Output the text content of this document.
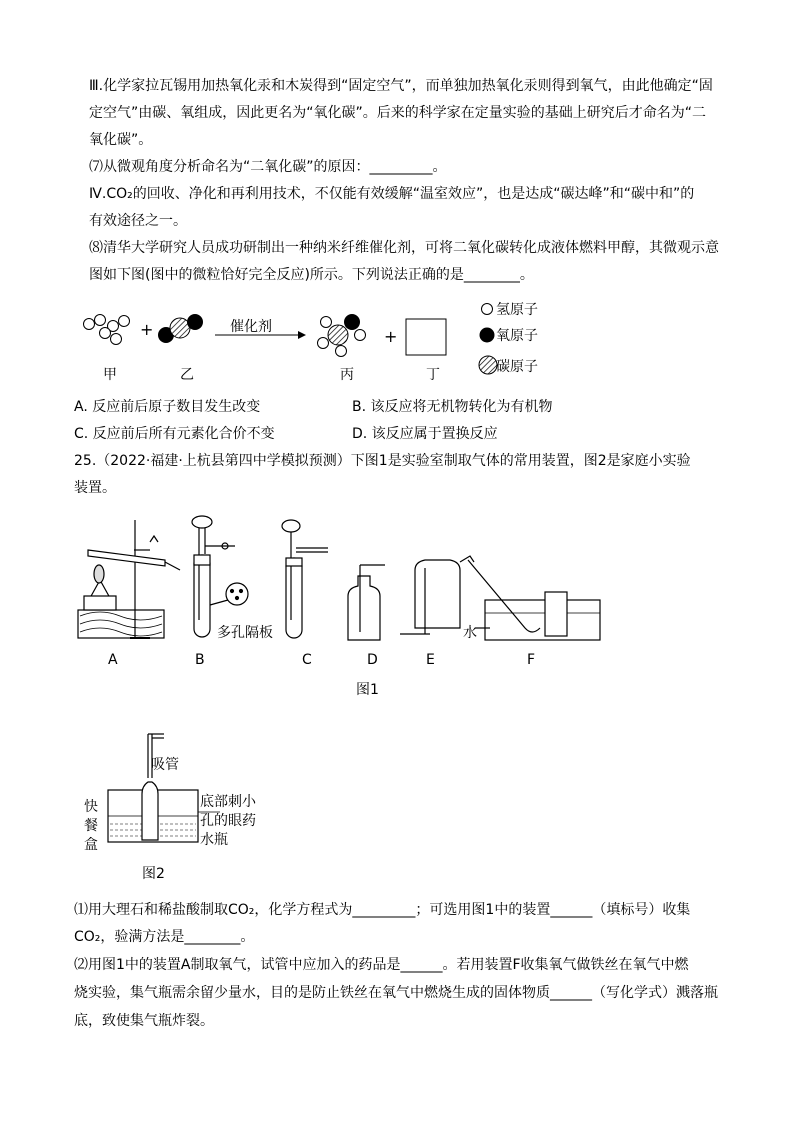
Ⅲ.化学家拉瓦锡用加热氧化汞和木炭得到“固定空气”，而单独加热氧化汞则得到氧气，由此他确定“固
定空气”由碳、氧组成，因此更名为“氧化碳”。后来的科学家在定量实验的基础上研究后才命名为“二
氧化碳”。
⑺从微观角度分析命名为“二氧化碳”的原因：_________。
Ⅳ.CO₂的回收、净化和再利用技术，不仅能有效缓解“温室效应”，也是达成“碳达峰”和“碳中和”的
有效途径之一。
⑻清华大学研究人员成功研制出一种纳米纤维催化剂，可将二氧化碳转化成液体燃料甲醇，其微观示意
图如下图(图中的微粒恰好完全反应)所示。下列说法正确的是________。
+	+
催化剂
氢原子
氧原子
碳原子
甲	乙	丙	丁
A. 反应前后原子数目发生改变	B. 该反应将无机物转化为有机物
C. 反应前后所有元素化合价不变	D. 该反应属于置换反应
25.（2022·福建·上杭县第四中学模拟预测）下图1是实验室制取气体的常用装置，图2是家庭小实验
装置。
多孔隔板	水
A	B	C	D	E	F
图1
吸管
快
餐
盒
底部刺小
孔的眼药
水瓶
图2
⑴用大理石和稀盐酸制取CO₂，化学方程式为_________；可选用图1中的装置______（填标号）收集
CO₂，验满方法是________。
⑵用图1中的装置A制取氧气，试管中应加入的药品是______。若用装置F收集氧气做铁丝在氧气中燃
烧实验，集气瓶需余留少量水，目的是防止铁丝在氧气中燃烧生成的固体物质______（写化学式）溅落瓶
底，致使集气瓶炸裂。
